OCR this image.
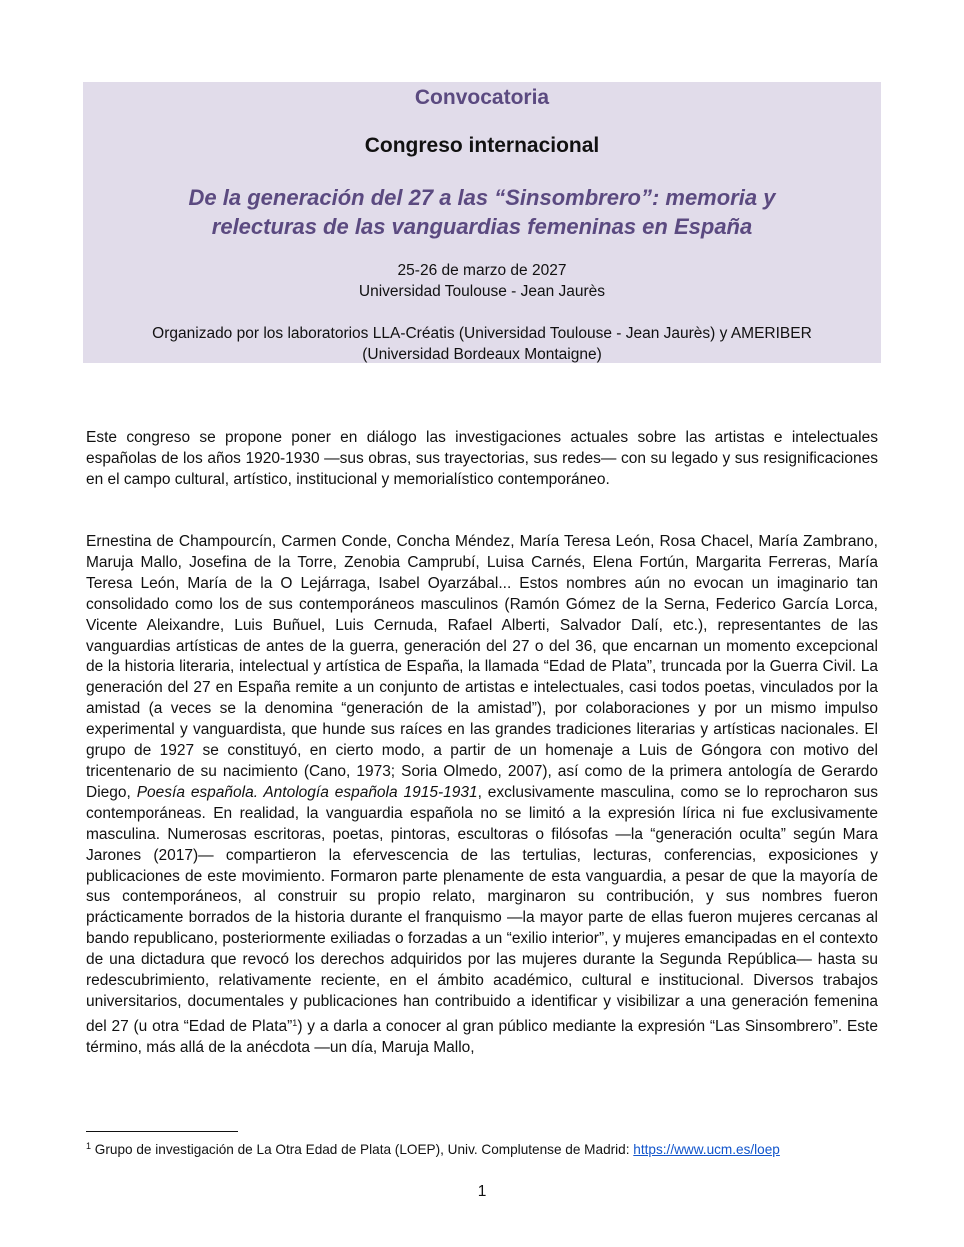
Convocatoria
Congreso internacional
De la generación del 27 a las “Sinsombrero”: memoria y
relecturas de las vanguardias femeninas en España
25-26 de marzo de 2027
Universidad Toulouse - Jean Jaurès
Organizado por los laboratorios LLA-Créatis (Universidad Toulouse - Jean Jaurès) y AMERIBER
(Universidad Bordeaux Montaigne)

Este congreso se propone poner en diálogo las investigaciones actuales sobre las artistas e intelectuales españolas de los años 1920-1930 —sus obras, sus trayectorias, sus redes— con su legado y sus resignificaciones en el campo cultural, artístico, institucional y memorialístico contemporáneo.

Ernestina de Champourcín, Carmen Conde, Concha Méndez, María Teresa León, Rosa Chacel, María Zambrano, Maruja Mallo, Josefina de la Torre, Zenobia Camprubí, Luisa Carnés, Elena Fortún, Margarita Ferreras, María Teresa León, María de la O Lejárraga, Isabel Oyarzábal... Estos nombres aún no evocan un imaginario tan consolidado como los de sus contemporáneos masculinos (Ramón Gómez de la Serna, Federico García Lorca, Vicente Aleixandre, Luis Buñuel, Luis Cernuda, Rafael Alberti, Salvador Dalí, etc.), representantes de las vanguardias artísticas de antes de la guerra, generación del 27 o del 36, que encarnan un momento excepcional de la historia literaria, intelectual y artística de España, la llamada “Edad de Plata”, truncada por la Guerra Civil. La generación del 27 en España remite a un conjunto de artistas e intelectuales, casi todos poetas, vinculados por la amistad (a veces se la denomina “generación de la amistad”), por colaboraciones y por un mismo impulso experimental y vanguardista, que hunde sus raíces en las grandes tradiciones literarias y artísticas nacionales. El grupo de 1927 se constituyó, en cierto modo, a partir de un homenaje a Luis de Góngora con motivo del tricentenario de su nacimiento (Cano, 1973; Soria Olmedo, 2007), así como de la primera antología de Gerardo Diego, Poesía española. Antología española 1915-1931, exclusivamente masculina, como se lo reprocharon sus contemporáneas. En realidad, la vanguardia española no se limitó a la expresión lírica ni fue exclusivamente masculina. Numerosas escritoras, poetas, pintoras, escultoras o filósofas —la “generación oculta” según Mara Jarones (2017)— compartieron la efervescencia de las tertulias, lecturas, conferencias, exposiciones y publicaciones de este movimiento. Formaron parte plenamente de esta vanguardia, a pesar de que la mayoría de sus contemporáneos, al construir su propio relato, marginaron su contribución, y sus nombres fueron prácticamente borrados de la historia durante el franquismo —la mayor parte de ellas fueron mujeres cercanas al bando republicano, posteriormente exiliadas o forzadas a un “exilio interior”, y mujeres emancipadas en el contexto de una dictadura que revocó los derechos adquiridos por las mujeres durante la Segunda República— hasta su redescubrimiento, relativamente reciente, en el ámbito académico, cultural e institucional. Diversos trabajos universitarios, documentales y publicaciones han contribuido a identificar y visibilizar a una generación femenina del 27 (u otra “Edad de Plata”$^1$) y a darla a conocer al gran público mediante la expresión “Las Sinsombrero”. Este término, más allá de la anécdota —un día, Maruja Mallo,

$^1$ Grupo de investigación de La Otra Edad de Plata (LOEP), Univ. Complutense de Madrid: https://www.ucm.es/loep
1
